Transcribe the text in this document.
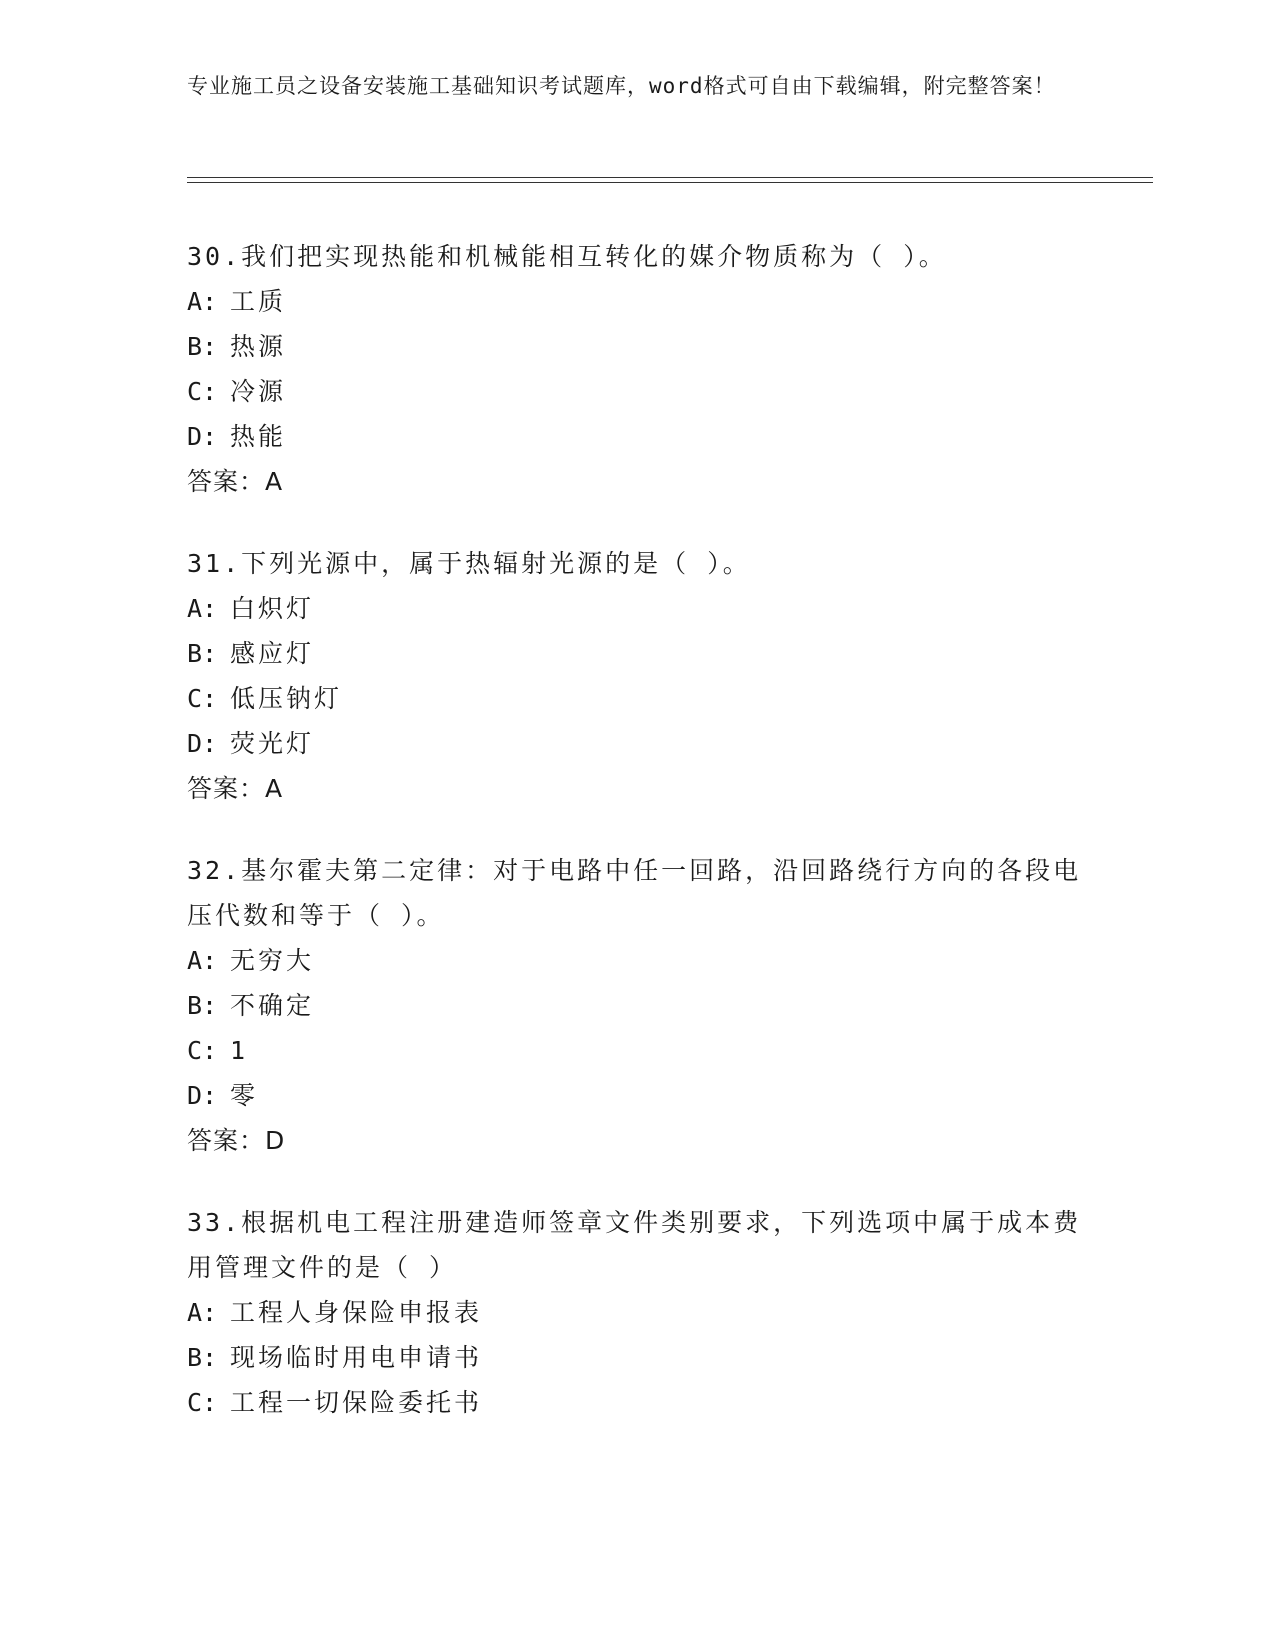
专业施工员之设备安装施工基础知识考试题库，word格式可自由下载编辑，附完整答案！

30.我们把实现热能和机械能相互转化的媒介物质称为（ ）。

A: 工质

B: 热源

C: 冷源

D: 热能

答案：A

31.下列光源中，属于热辐射光源的是（ ）。

A: 白炽灯

B: 感应灯

C: 低压钠灯

D: 荧光灯

答案：A

32.基尔霍夫第二定律：对于电路中任一回路，沿回路绕行方向的各段电压代数和等于（ ）。

A: 无穷大

B: 不确定

C: 1

D: 零

答案：D

33.根据机电工程注册建造师签章文件类别要求，下列选项中属于成本费用管理文件的是（ ）

A: 工程人身保险申报表

B: 现场临时用电申请书

C: 工程一切保险委托书
